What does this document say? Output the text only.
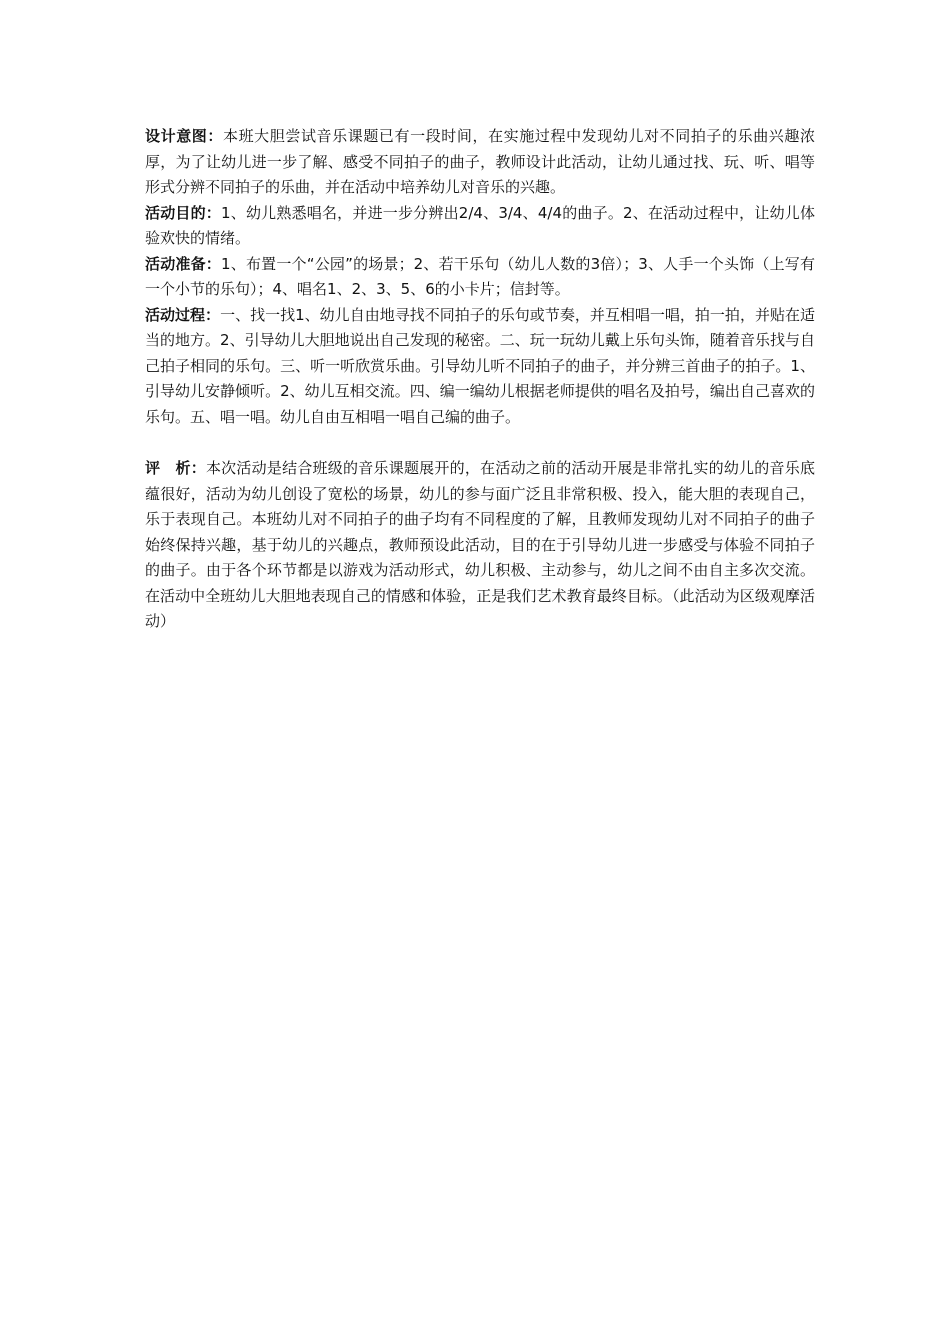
设计意图：本班大胆尝试音乐课题已有一段时间，在实施过程中发现幼儿对不同拍子的乐曲兴趣浓厚，为了让幼儿进一步了解、感受不同拍子的曲子，教师设计此活动，让幼儿通过找、玩、听、唱等形式分辨不同拍子的乐曲，并在活动中培养幼儿对音乐的兴趣。

活动目的：1、幼儿熟悉唱名，并进一步分辨出2/4、3/4、4/4的曲子。2、在活动过程中，让幼儿体验欢快的情绪。

活动准备：1、布置一个“公园”的场景；2、若干乐句（幼儿人数的3倍）；3、人手一个头饰（上写有一个小节的乐句）；4、唱名1、2、3、5、6的小卡片；信封等。

活动过程：一、找一找1、幼儿自由地寻找不同拍子的乐句或节奏，并互相唱一唱，拍一拍，并贴在适当的地方。2、引导幼儿大胆地说出自己发现的秘密。二、玩一玩幼儿戴上乐句头饰，随着音乐找与自己拍子相同的乐句。三、听一听欣赏乐曲。引导幼儿听不同拍子的曲子，并分辨三首曲子的拍子。1、引导幼儿安静倾听。2、幼儿互相交流。四、编一编幼儿根据老师提供的唱名及拍号，编出自己喜欢的乐句。五、唱一唱。幼儿自由互相唱一唱自己编的曲子。

评　析：本次活动是结合班级的音乐课题展开的，在活动之前的活动开展是非常扎实的幼儿的音乐底蕴很好，活动为幼儿创设了宽松的场景，幼儿的参与面广泛且非常积极、投入，能大胆的表现自己，乐于表现自己。本班幼儿对不同拍子的曲子均有不同程度的了解，且教师发现幼儿对不同拍子的曲子始终保持兴趣，基于幼儿的兴趣点，教师预设此活动，目的在于引导幼儿进一步感受与体验不同拍子的曲子。由于各个环节都是以游戏为活动形式，幼儿积极、主动参与，幼儿之间不由自主多次交流。在活动中全班幼儿大胆地表现自己的情感和体验，正是我们艺术教育最终目标。（此活动为区级观摩活动）
